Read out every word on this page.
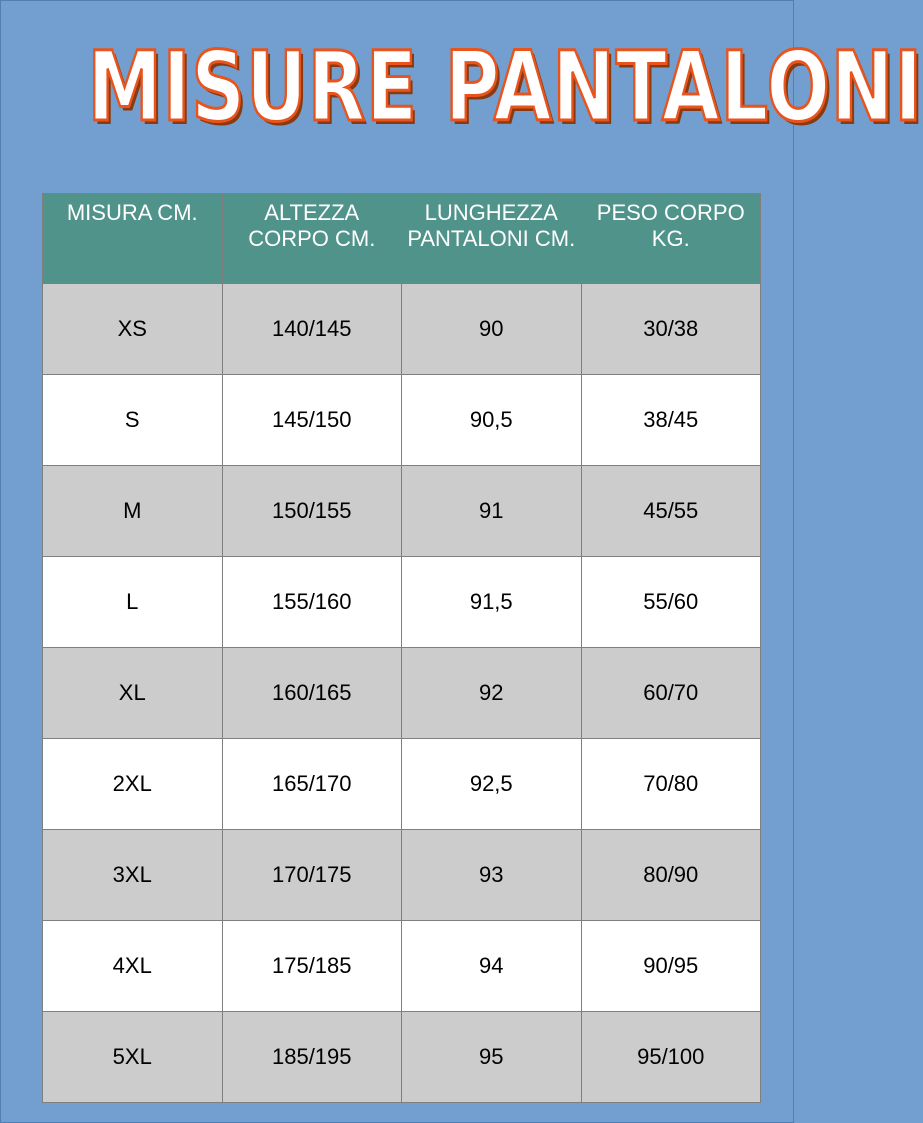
MISURE PANTALONI
MISURA CM.	ALTEZZA CORPO CM.	LUNGHEZZA PANTALONI CM.	PESO CORPO KG.
XS	140/145	90	30/38
S	145/150	90,5	38/45
M	150/155	91	45/55
L	155/160	91,5	55/60
XL	160/165	92	60/70
2XL	165/170	92,5	70/80
3XL	170/175	93	80/90
4XL	175/185	94	90/95
5XL	185/195	95	95/100
